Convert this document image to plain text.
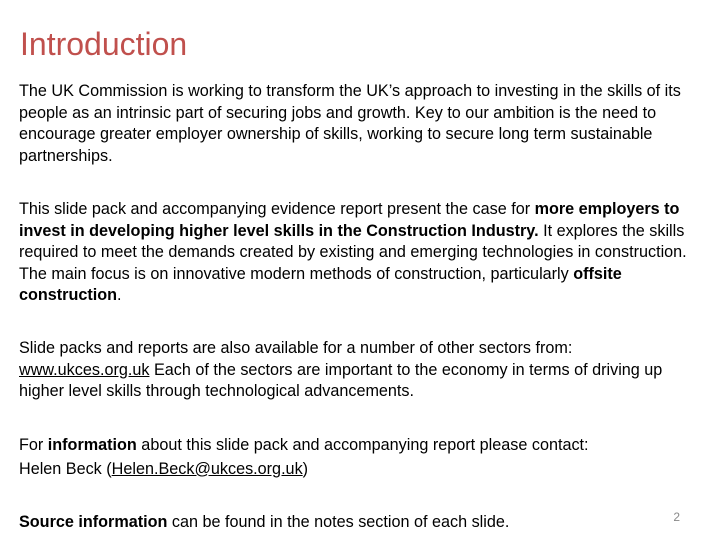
Introduction

The UK Commission is working to transform the UK’s approach to investing in the skills of its people as an intrinsic part of securing jobs and growth. Key to our ambition is the need to encourage greater employer ownership of skills, working to secure long term sustainable partnerships.

This slide pack and accompanying evidence report present the case for more employers to invest in developing higher level skills in the Construction Industry. It explores the skills required to meet the demands created by existing and emerging technologies in construction. The main focus is on innovative modern methods of construction, particularly offsite construction.

Slide packs and reports are also available for a number of other sectors from: www.ukces.org.uk Each of the sectors are important to the economy in terms of driving up higher level skills through technological advancements.

For information about this slide pack and accompanying report please contact:
Helen Beck (Helen.Beck@ukces.org.uk)

Source information can be found in the notes section of each slide.	2
